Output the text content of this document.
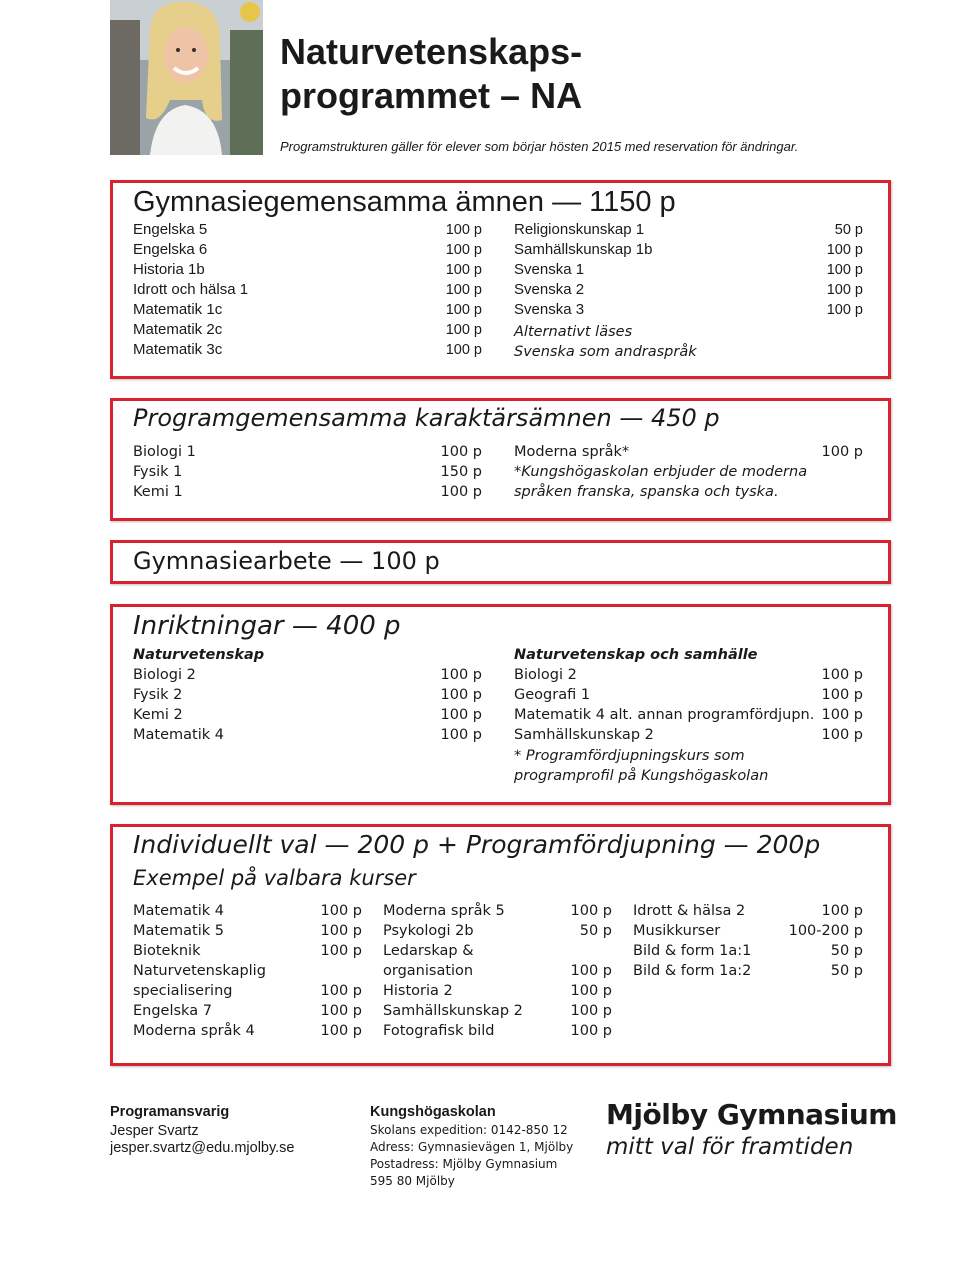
Naturvetenskaps-
programmet – NA
Programstrukturen gäller för elever som börjar hösten 2015 med reservation för ändringar.
Gymnasiegemensamma ämnen — 1150 p
Engelska 5	100 p
Engelska 6	100 p
Historia 1b	100 p
Idrott och hälsa 1	100 p
Matematik 1c	100 p
Matematik 2c	100 p
Matematik 3c	100 p
Religionskunskap 1	50 p
Samhällskunskap 1b	100 p
Svenska 1	100 p
Svenska 2	100 p
Svenska 3	100 p
Alternativt läses
Svenska som andraspråk
Programgemensamma karaktärsämnen — 450 p
Biologi 1	100 p
Fysik 1	150 p
Kemi 1	100 p
Moderna språk*	100 p
*Kungshögaskolan erbjuder de moderna
språken franska, spanska och tyska.
Gymnasiearbete — 100 p
Inriktningar — 400 p
Naturvetenskap	Naturvetenskap och samhälle
Biologi 2	100 p
Fysik 2	100 p
Kemi 2	100 p
Matematik 4	100 p
Biologi 2	100 p
Geografi 1	100 p
Matematik 4 alt. annan programfördjupn. 100 p
Samhällskunskap 2	100 p
* Programfördjupningskurs som
programprofil på Kungshögaskolan
Individuellt val — 200 p + Programfördjupning — 200p
Exempel på valbara kurser
Matematik 4	100 p
Matematik 5	100 p
Bioteknik	100 p
Naturvetenskaplig
specialisering	100 p
Engelska 7	100 p
Moderna språk 4	100 p
Moderna språk 5	100 p
Psykologi 2b	50 p
Ledarskap &
organisation	100 p
Historia 2	100 p
Samhällskunskap 2	100 p
Fotografisk bild	100 p
Idrott & hälsa 2	100 p
Musikkurser	100-200 p
Bild & form 1a:1	50 p
Bild & form 1a:2	50 p
Programansvarig
Jesper Svartz
jesper.svartz@edu.mjolby.se
Kungshögaskolan
Skolans expedition: 0142-850 12
Adress: Gymnasievägen 1, Mjölby
Postadress: Mjölby Gymnasium
595 80 Mjölby
Mjölby Gymnasium
mitt val för framtiden
